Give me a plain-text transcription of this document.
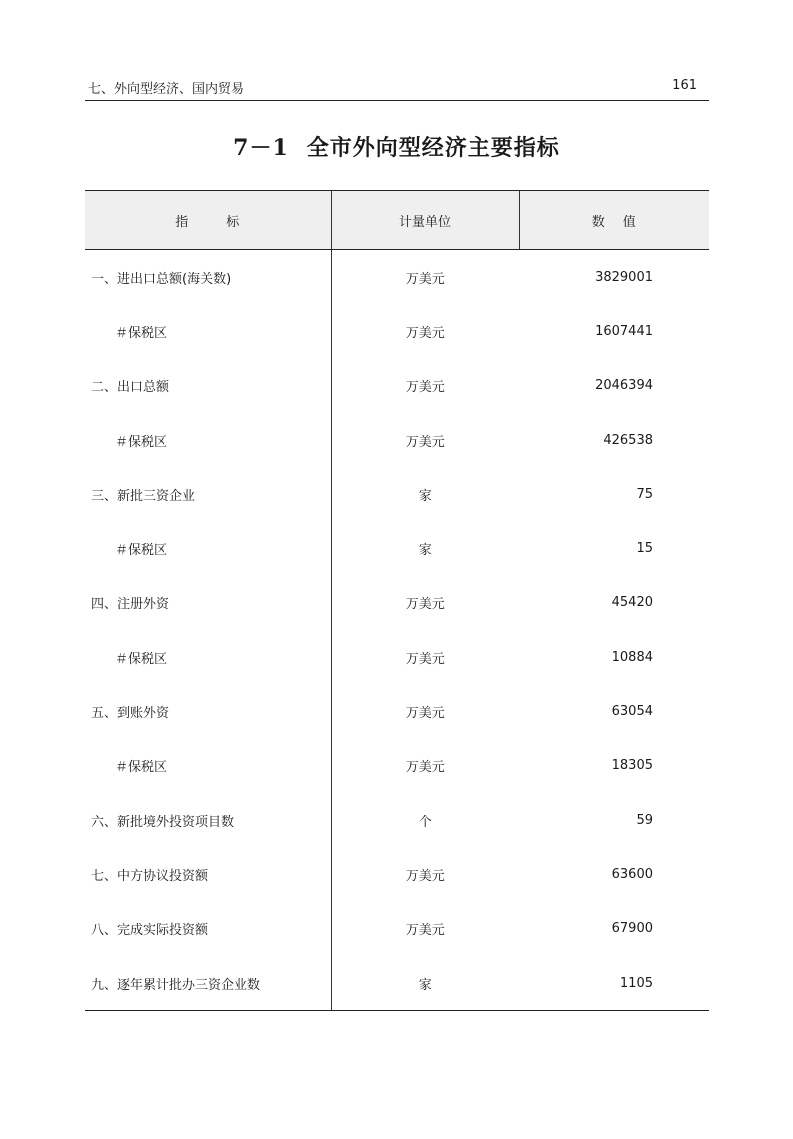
七、外向型经济、国内贸易	161
7－1 全市外向型经济主要指标
指标	计量单位	数值
一、进出口总额(海关数)	万美元	3829001
＃保税区	万美元	1607441
二、出口总额	万美元	2046394
＃保税区	万美元	426538
三、新批三资企业	家	75
＃保税区	家	15
四、注册外资	万美元	45420
＃保税区	万美元	10884
五、到账外资	万美元	63054
＃保税区	万美元	18305
六、新批境外投资项目数	个	59
七、中方协议投资额	万美元	63600
八、完成实际投资额	万美元	67900
九、逐年累计批办三资企业数	家	1105
